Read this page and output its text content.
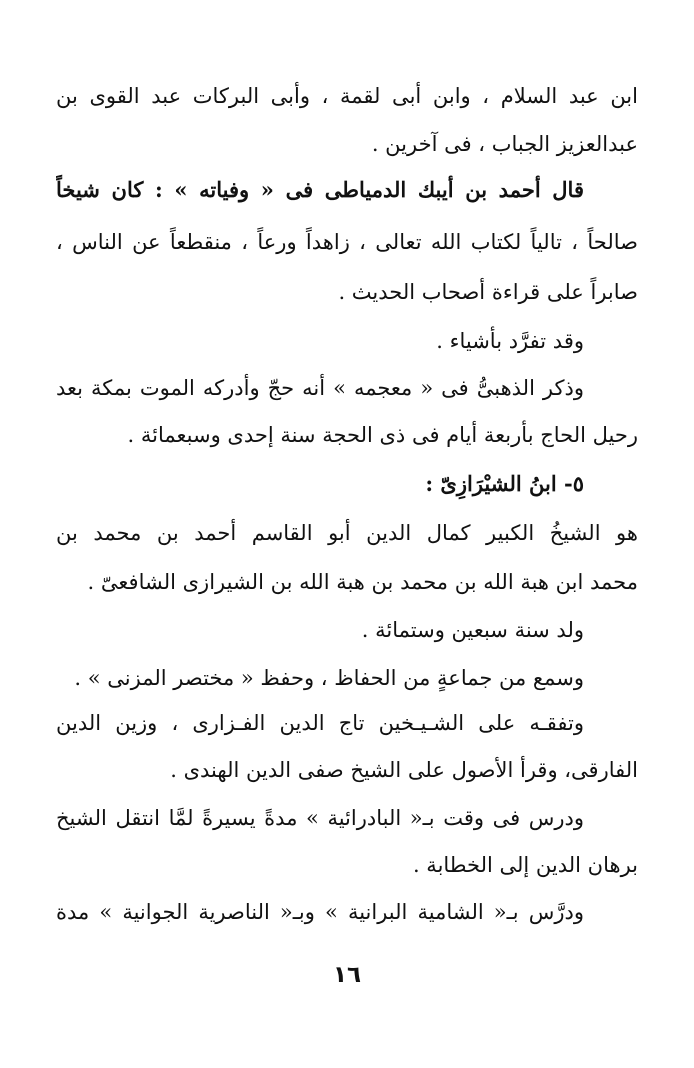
ابن عبد السلام ، وابن أبى لقمة ، وأبى البركات عبد القوى بن
عبدالعزيز الجباب ، فى آخرين .
قال أحمد بن أيبك الدمياطى فى « وفياته » : كان شيخاً
صالحاً ، تالياً لكتاب الله تعالى ، زاهداً ورعاً ، منقطعاً عن الناس ،
صابراً على قراءة أصحاب الحديث .
وقد تفرَّد بأشياء .
وذكر الذهبىُّ فى « معجمه » أنه حجّ وأدركه الموت بمكة بعد
رحيل الحاج بأربعة أيام فى ذى الحجة سنة إحدى وسبعمائة .
٥- ابنُ الشيْرَازِىّ :
هو الشيخُ الكبير كمال الدين أبو القاسم أحمد بن محمد بن
محمد ابن هبة الله بن محمد بن هبة الله بن الشيرازى الشافعىّ .
ولد سنة سبعين وستمائة .
وسمع من جماعةٍ من الحفاظ ، وحفظ « مختصر المزنى » .
وتفقـه على الشـيـخين تاج الدين الفـزارى ، وزين الدين
الفارقى، وقرأ الأصول على الشيخ صفى الدين الهندى .
ودرس فى وقت بـ« البادرائية » مدةً يسيرةً لمَّا انتقل الشيخ
برهان الدين إلى الخطابة .
ودرَّس بـ« الشامية البرانية » وبـ« الناصرية الجوانية » مدة
١٦
